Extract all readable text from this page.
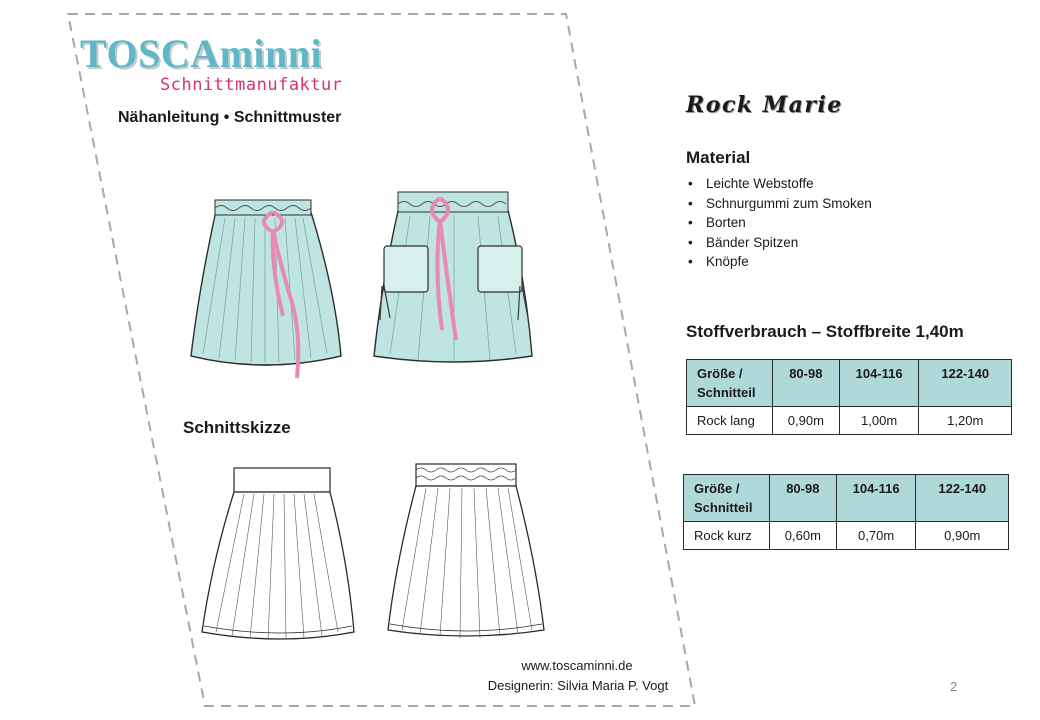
TOSCAminni
Schnittmanufaktur
Nähanleitung • Schnittmuster
Schnittskizze
www.toscaminni.de
Designerin: Silvia Maria P. Vogt
Rock Marie
Material
• Leichte Webstoffe
• Schnurgummi zum Smoken
• Borten
• Bänder Spitzen
• Knöpfe
Stoffverbrauch – Stoffbreite 1,40m
Größe / Schnitteil	80-98	104-116	122-140
Rock lang	0,90m	1,00m	1,20m
Größe / Schnitteil	80-98	104-116	122-140
Rock kurz	0,60m	0,70m	0,90m
2
